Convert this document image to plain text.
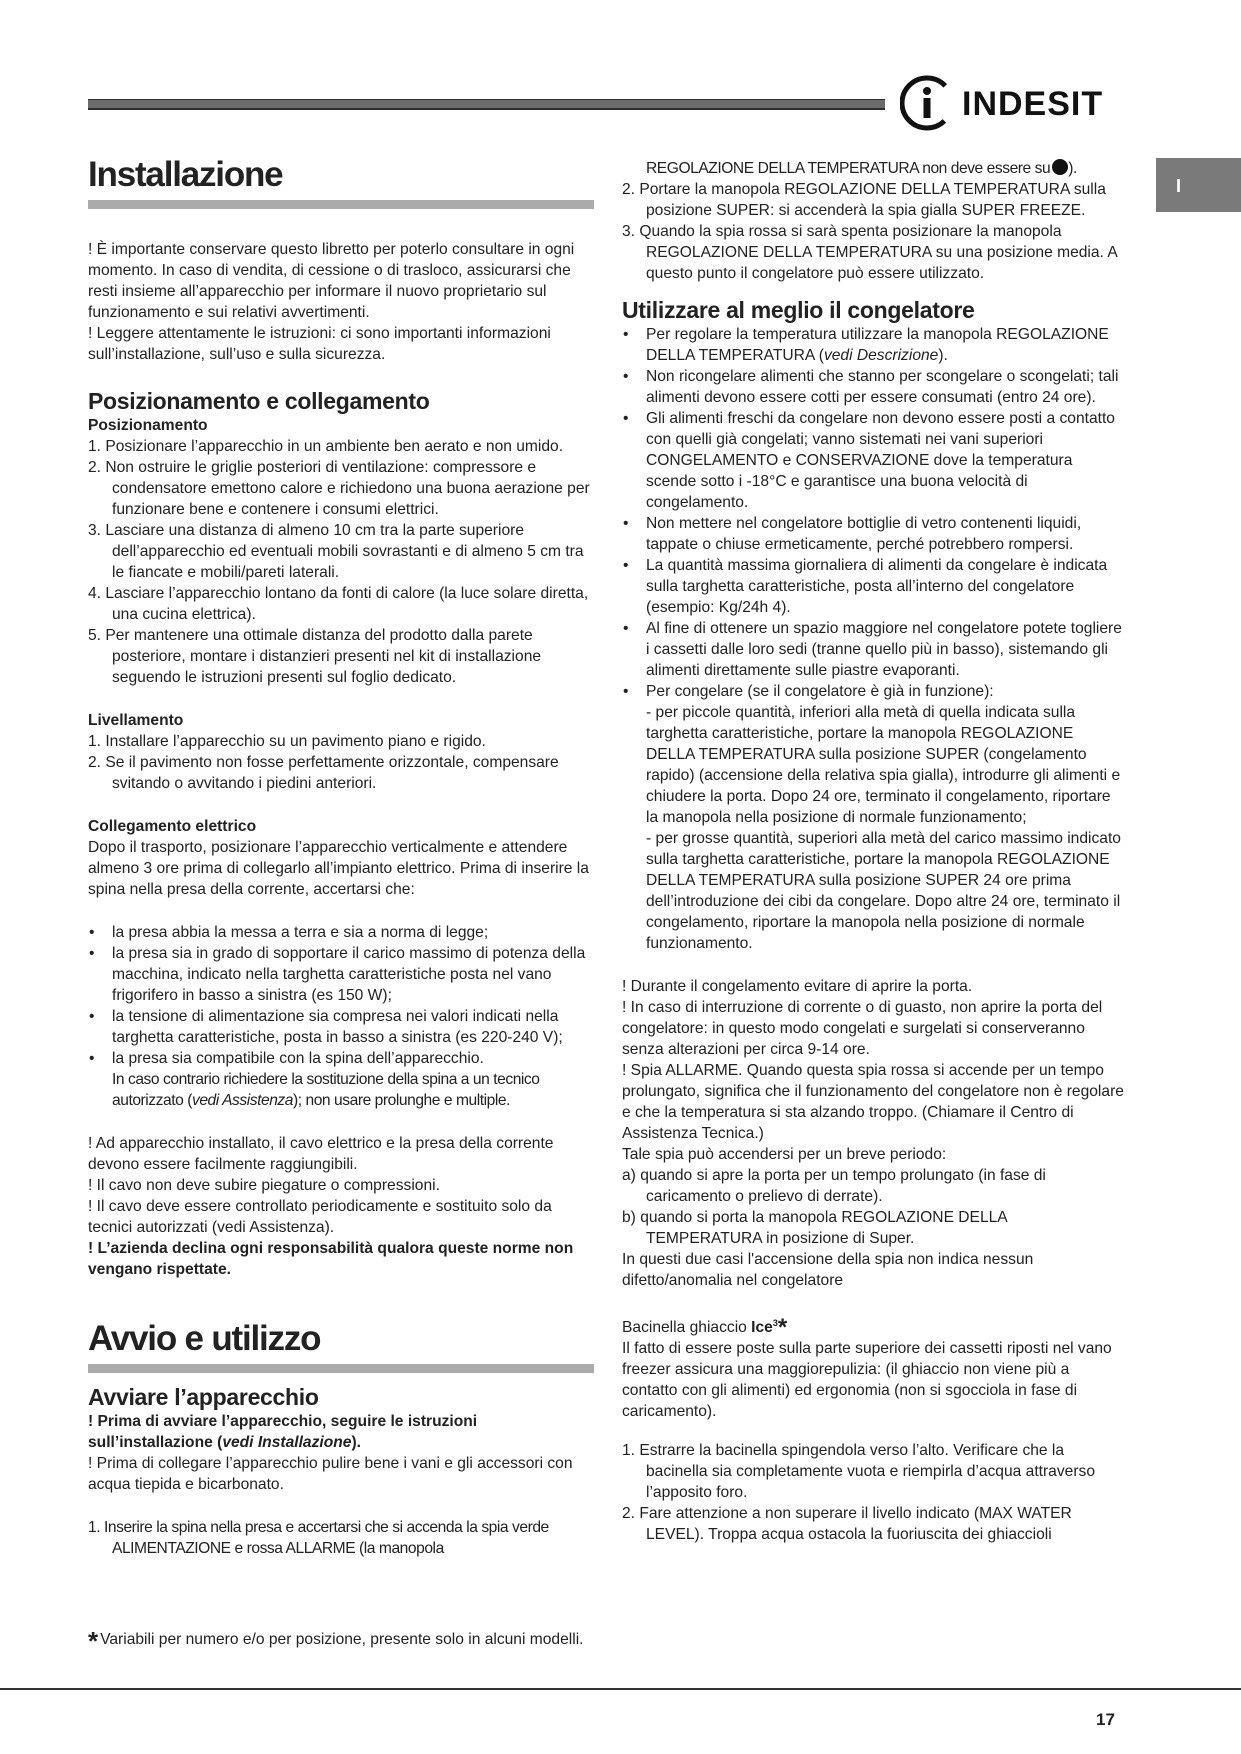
INDESIT
I
Installazione
! È importante conservare questo libretto per poterlo consultare in ogni momento. In caso di vendita, di cessione o di trasloco, assicurarsi che resti insieme all’apparecchio per informare il nuovo proprietario sul funzionamento e sui relativi avvertimenti.
! Leggere attentamente le istruzioni: ci sono importanti informazioni sull’installazione, sull’uso e sulla sicurezza.
Posizionamento e collegamento
Posizionamento
1. Posizionare l’apparecchio in un ambiente ben aerato e non umido.
2. Non ostruire le griglie posteriori di ventilazione: compressore e condensatore emettono calore e richiedono una buona aerazione per funzionare bene e contenere i consumi elettrici.
3. Lasciare una distanza di almeno 10 cm tra la parte superiore dell’apparecchio ed eventuali mobili sovrastanti e di almeno 5 cm tra le fiancate e mobili/pareti laterali.
4. Lasciare l’apparecchio lontano da fonti di calore (la luce solare diretta, una cucina elettrica).
5. Per mantenere una ottimale distanza del prodotto dalla parete posteriore, montare i distanzieri presenti nel kit di installazione seguendo le istruzioni presenti sul foglio dedicato.
Livellamento
1. Installare l’apparecchio su un pavimento piano e rigido.
2. Se il pavimento non fosse perfettamente orizzontale, compensare svitando o avvitando i piedini anteriori.
Collegamento elettrico
Dopo il trasporto, posizionare l’apparecchio verticalmente e attendere almeno 3 ore prima di collegarlo all’impianto elettrico. Prima di inserire la spina nella presa della corrente, accertarsi che:
• la presa abbia la messa a terra e sia a norma di legge;
• la presa sia in grado di sopportare il carico massimo di potenza della macchina, indicato nella targhetta caratteristiche posta nel vano frigorifero in basso a sinistra (es 150 W);
• la tensione di alimentazione sia compresa nei valori indicati nella targhetta caratteristiche, posta in basso a sinistra (es 220-240 V);
• la presa sia compatibile con la spina dell’apparecchio.
In caso contrario richiedere la sostituzione della spina a un tecnico autorizzato (vedi Assistenza); non usare prolunghe e multiple.
! Ad apparecchio installato, il cavo elettrico e la presa della corrente devono essere facilmente raggiungibili.
! Il cavo non deve subire piegature o compressioni.
! Il cavo deve essere controllato periodicamente e sostituito solo da tecnici autorizzati (vedi Assistenza).
! L’azienda declina ogni responsabilità qualora queste norme non vengano rispettate.
Avvio e utilizzo
Avviare l’apparecchio
! Prima di avviare l’apparecchio, seguire le istruzioni sull’installazione (vedi Installazione).
! Prima di collegare l’apparecchio pulire bene i vani e gli accessori con acqua tiepida e bicarbonato.
1. Inserire la spina nella presa e accertarsi che si accenda la spia verde ALIMENTAZIONE e rossa ALLARME (la manopola
REGOLAZIONE DELLA TEMPERATURA non deve essere su ).
2. Portare la manopola REGOLAZIONE DELLA TEMPERATURA sulla posizione SUPER: si accenderà la spia gialla SUPER FREEZE.
3. Quando la spia rossa si sarà spenta posizionare la manopola REGOLAZIONE DELLA TEMPERATURA su una posizione media. A questo punto il congelatore può essere utilizzato.
Utilizzare al meglio il congelatore
• Per regolare la temperatura utilizzare la manopola REGOLAZIONE DELLA TEMPERATURA (vedi Descrizione).
• Non ricongelare alimenti che stanno per scongelare o scongelati; tali alimenti devono essere cotti per essere consumati (entro 24 ore).
• Gli alimenti freschi da congelare non devono essere posti a contatto con quelli già congelati; vanno sistemati nei vani superiori CONGELAMENTO e CONSERVAZIONE dove la temperatura scende sotto i -18°C e garantisce una buona velocità di congelamento.
• Non mettere nel congelatore bottiglie di vetro contenenti liquidi, tappate o chiuse ermeticamente, perché potrebbero rompersi.
• La quantità massima giornaliera di alimenti da congelare è indicata sulla targhetta caratteristiche, posta all’interno del congelatore (esempio: Kg/24h 4).
• Al fine di ottenere un spazio maggiore nel congelatore potete togliere i cassetti dalle loro sedi (tranne quello più in basso), sistemando gli alimenti direttamente sulle piastre evaporanti.
• Per congelare (se il congelatore è già in funzione):
- per piccole quantità, inferiori alla metà di quella indicata sulla targhetta caratteristiche, portare la manopola REGOLAZIONE DELLA TEMPERATURA sulla posizione SUPER (congelamento rapido) (accensione della relativa spia gialla), introdurre gli alimenti e chiudere la porta. Dopo 24 ore, terminato il congelamento, riportare la manopola nella posizione di normale funzionamento;
- per grosse quantità, superiori alla metà del carico massimo indicato sulla targhetta caratteristiche, portare la manopola REGOLAZIONE DELLA TEMPERATURA sulla posizione SUPER 24 ore prima dell’introduzione dei cibi da congelare. Dopo altre 24 ore, terminato il congelamento, riportare la manopola nella posizione di normale funzionamento.
! Durante il congelamento evitare di aprire la porta.
! In caso di interruzione di corrente o di guasto, non aprire la porta del congelatore: in questo modo congelati e surgelati si conserveranno senza alterazioni per circa 9-14 ore.
! Spia ALLARME. Quando questa spia rossa si accende per un tempo prolungato, significa che il funzionamento del congelatore non è regolare e che la temperatura si sta alzando troppo. (Chiamare il Centro di Assistenza Tecnica.)
Tale spia può accendersi per un breve periodo:
a) quando si apre la porta per un tempo prolungato (in fase di caricamento o prelievo di derrate).
b) quando si porta la manopola REGOLAZIONE DELLA TEMPERATURA in posizione di Super.
In questi due casi l'accensione della spia non indica nessun difetto/anomalia nel congelatore
Bacinella ghiaccio Ice$^3$*
Il fatto di essere poste sulla parte superiore dei cassetti riposti nel vano freezer assicura una maggiorepulizia: (il ghiaccio non viene più a contatto con gli alimenti) ed ergonomia (non si sgocciola in fase di caricamento).
1. Estrarre la bacinella spingendola verso l’alto. Verificare che la bacinella sia completamente vuota e riempirla d’acqua attraverso l’apposito foro.
2. Fare attenzione a non superare il livello indicato (MAX WATER LEVEL). Troppa acqua ostacola la fuoriuscita dei ghiaccioli
* Variabili per numero e/o per posizione, presente solo in alcuni modelli.
17
